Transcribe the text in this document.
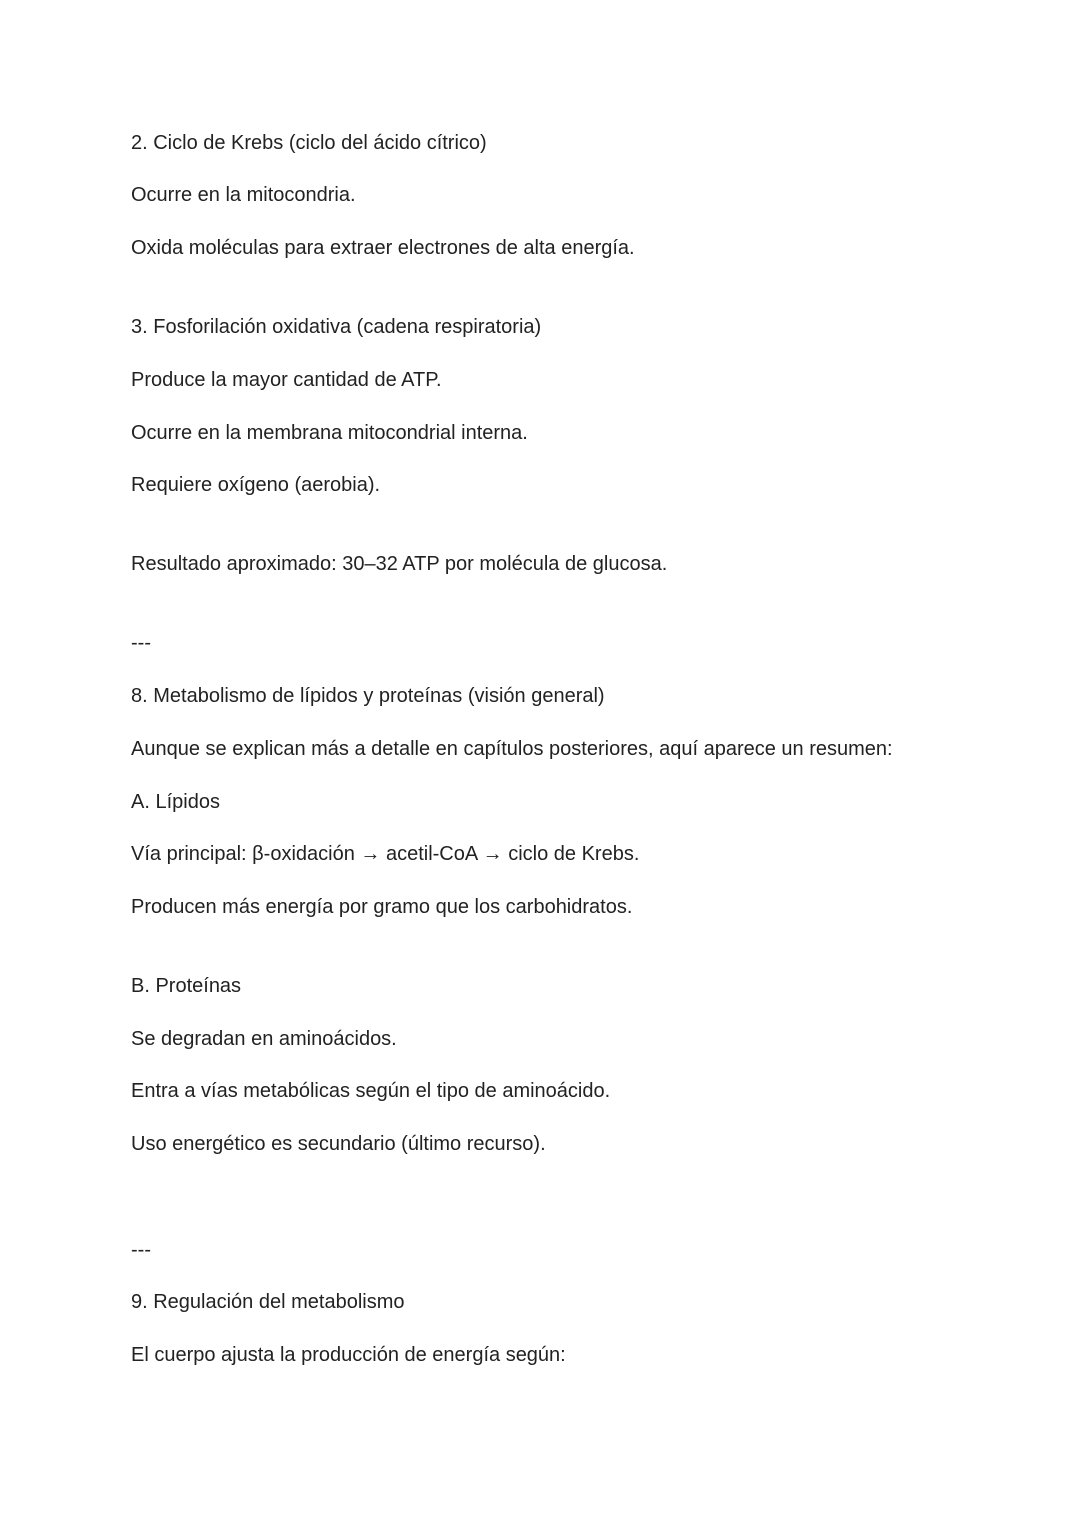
2. Ciclo de Krebs (ciclo del ácido cítrico)

Ocurre en la mitocondria.

Oxida moléculas para extraer electrones de alta energía.

3. Fosforilación oxidativa (cadena respiratoria)

Produce la mayor cantidad de ATP.

Ocurre en la membrana mitocondrial interna.

Requiere oxígeno (aerobia).

Resultado aproximado: 30–32 ATP por molécula de glucosa.

---

8. Metabolismo de lípidos y proteínas (visión general)

Aunque se explican más a detalle en capítulos posteriores, aquí aparece un resumen:

A. Lípidos

Vía principal: β-oxidación → acetil-CoA → ciclo de Krebs.

Producen más energía por gramo que los carbohidratos.

B. Proteínas

Se degradan en aminoácidos.

Entra a vías metabólicas según el tipo de aminoácido.

Uso energético es secundario (último recurso).

---

9. Regulación del metabolismo

El cuerpo ajusta la producción de energía según:
